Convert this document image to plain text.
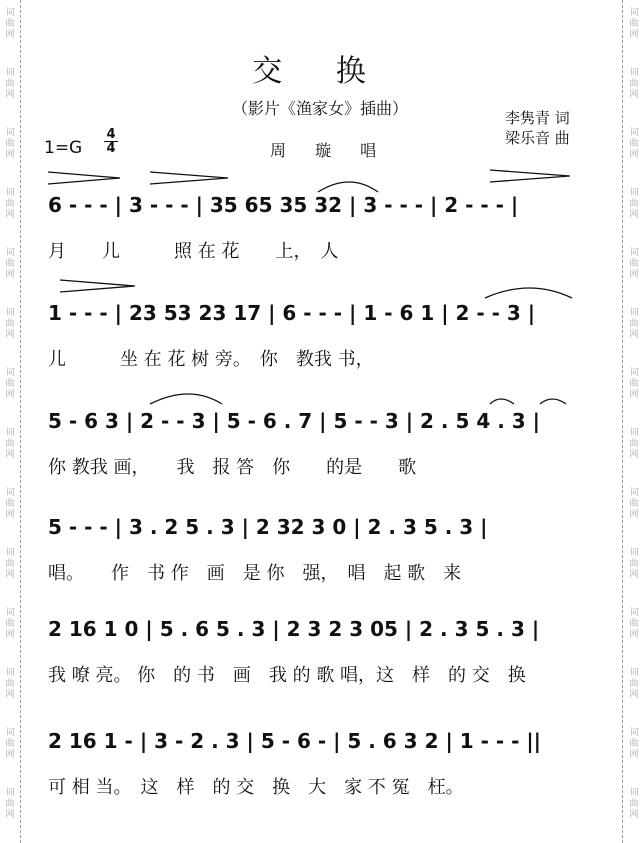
词
曲
网
词
曲
网
词
曲
网
词
曲
网
词
曲
网
词
曲
网
词
曲
网
词
曲
网
词
曲
网
词
曲
网
词
曲
网
词
曲
网
词
曲
网
词
曲
网
词
曲
网
词
曲
网
词
曲
网
词
曲
网
词
曲
网
词
曲
网
词
曲
网
词
曲
网
词
曲
网
词
曲
网
词
曲
网
词
曲
网
词
曲
网
词
曲
网
交 换
（影片《渔家女》插曲）	李隽青 词
梁乐音 曲
周 璇 唱
$1=G \frac{4}{4}$
6 - - - | 3 - - - | 35 65 35 32 | 3 - - - | 2 - - - |
月　　儿　　　照 在 花　　上，　人
1 - - - | 23 53 23 17 | 6 - - - | 1 - 6 1 | 2 - - 3 |
儿　　　坐 在 花 树 旁。　你　教我 书，
5 - 6 3 | 2 - - 3 | 5 - 6 . 7 | 5 - - 3 | 2 . 5 4 . 3 |
你 教我 画，　　我　报 答　你　　的是　　歌
5 - - - | 3 . 2 5 . 3 | 2 32 3 0 | 2 . 3 5 . 3 |
唱。　　作　书 作　画　是 你　强，　唱　起 歌　来
2 16 1 0 | 5 . 6 5 . 3 | 2 3 2 3 05 | 2 . 3 5 . 3 |
我 嘹 亮。 你　的 书　画　我 的 歌 唱，这　样　的 交　换
2 16 1 - | 3 - 2 . 3 | 5 - 6 - | 5 . 6 3 2 | 1 - - - ||
可 相 当。　这　样　的 交　换　大　家 不 冤　枉。
